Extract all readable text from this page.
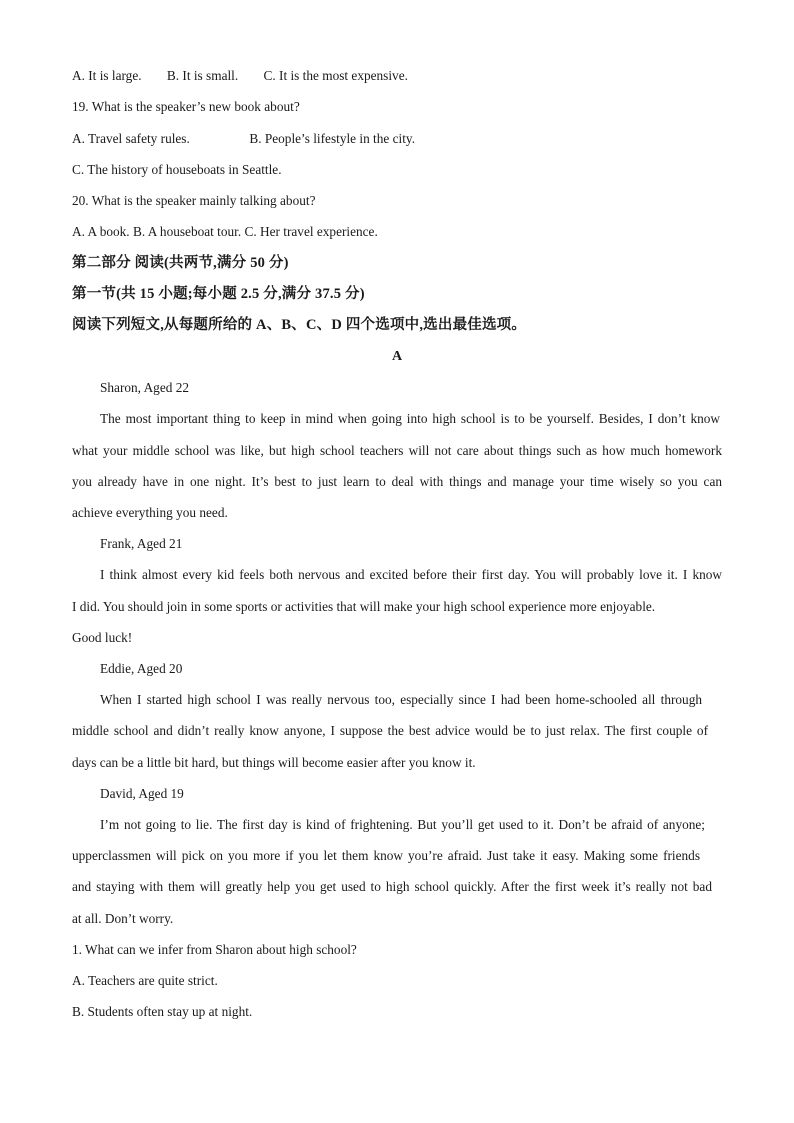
A. It is large. B. It is small. C. It is the most expensive.
19. What is the speaker’s new book about?
A. Travel safety rules.	B. People’s lifestyle in the city.
C. The history of houseboats in Seattle.
20. What is the speaker mainly talking about?
A. A book. B. A houseboat tour. C. Her travel experience.
第二部分 阅读(共两节,满分 50 分)
第一节(共 15 小题;每小题 2.5 分,满分 37.5 分)
阅读下列短文,从每题所给的 A、B、C、D 四个选项中,选出最佳选项。
A
Sharon, Aged 22
The most important thing to keep in mind when going into high school is to be yourself. Besides, I don’t know
what your middle school was like, but high school teachers will not care about things such as how much homework
you already have in one night. It’s best to just learn to deal with things and manage your time wisely so you can
achieve everything you need.
Frank, Aged 21
I think almost every kid feels both nervous and excited before their first day. You will probably love it. I know
I did. You should join in some sports or activities that will make your high school experience more enjoyable.
Good luck!
Eddie, Aged 20
When I started high school I was really nervous too, especially since I had been home-schooled all through
middle school and didn’t really know anyone, I suppose the best advice would be to just relax. The first couple of
days can be a little bit hard, but things will become easier after you know it.
David, Aged 19
I’m not going to lie. The first day is kind of frightening. But you’ll get used to it. Don’t be afraid of anyone;
upperclassmen will pick on you more if you let them know you’re afraid. Just take it easy. Making some friends
and staying with them will greatly help you get used to high school quickly. After the first week it’s really not bad
at all. Don’t worry.
1. What can we infer from Sharon about high school?
A. Teachers are quite strict.
B. Students often stay up at night.
